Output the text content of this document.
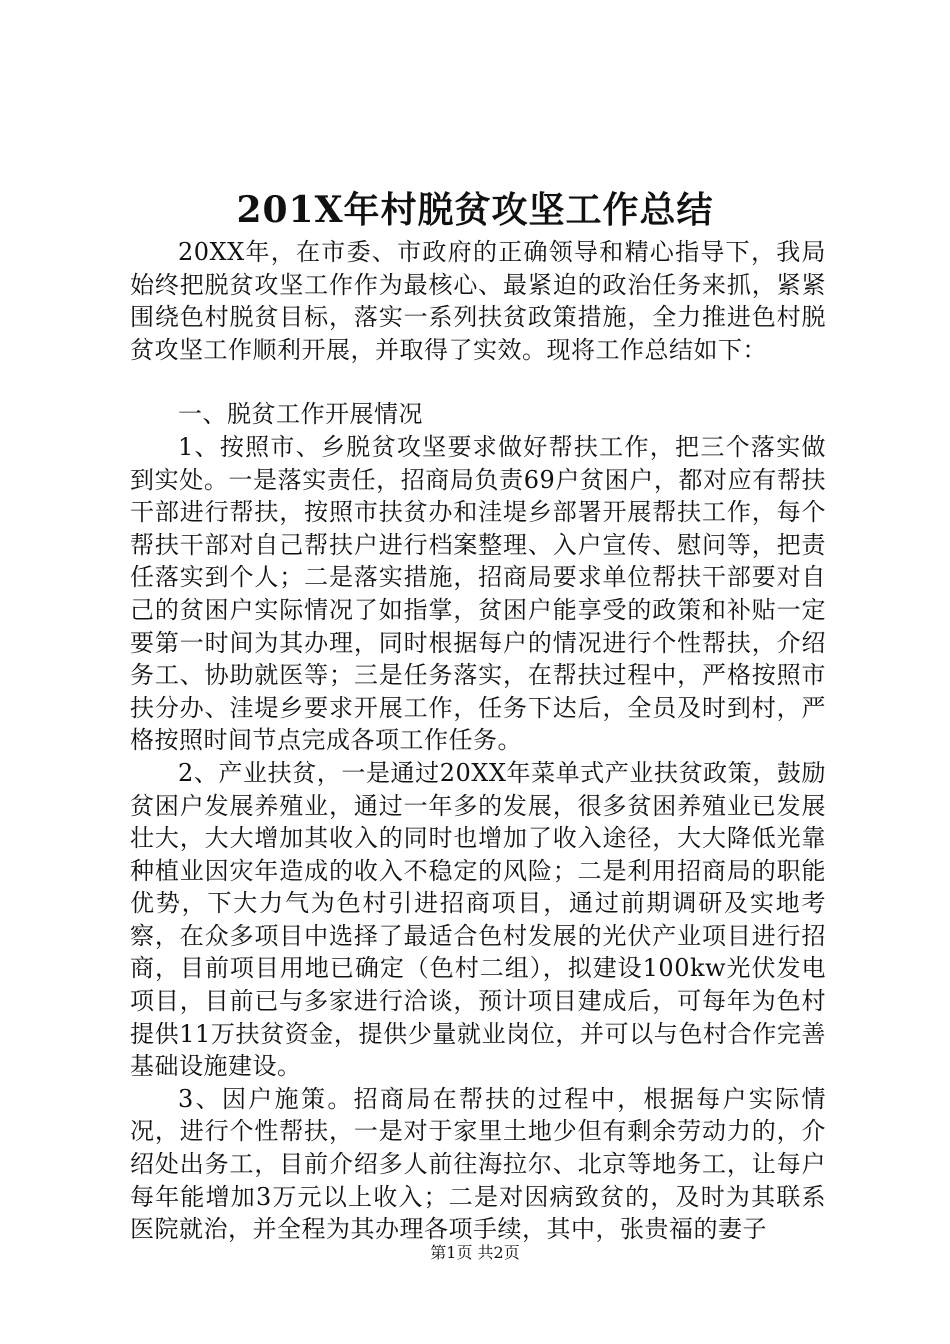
201X年村脱贫攻坚工作总结

20XX年，在市委、市政府的正确领导和精心指导下，我局始终把脱贫攻坚工作作为最核心、最紧迫的政治任务来抓，紧紧围绕色村脱贫目标，落实一系列扶贫政策措施，全力推进色村脱贫攻坚工作顺利开展，并取得了实效。现将工作总结如下：

一、脱贫工作开展情况

1、按照市、乡脱贫攻坚要求做好帮扶工作，把三个落实做到实处。一是落实责任，招商局负责69户贫困户，都对应有帮扶干部进行帮扶，按照市扶贫办和洼堤乡部署开展帮扶工作，每个帮扶干部对自己帮扶户进行档案整理、入户宣传、慰问等，把责任落实到个人；二是落实措施，招商局要求单位帮扶干部要对自己的贫困户实际情况了如指掌，贫困户能享受的政策和补贴一定要第一时间为其办理，同时根据每户的情况进行个性帮扶，介绍务工、协助就医等；三是任务落实，在帮扶过程中，严格按照市扶分办、洼堤乡要求开展工作，任务下达后，全员及时到村，严格按照时间节点完成各项工作任务。

2、产业扶贫，一是通过20XX年菜单式产业扶贫政策，鼓励贫困户发展养殖业，通过一年多的发展，很多贫困养殖业已发展壮大，大大增加其收入的同时也增加了收入途径，大大降低光靠种植业因灾年造成的收入不稳定的风险；二是利用招商局的职能优势，下大力气为色村引进招商项目，通过前期调研及实地考察，在众多项目中选择了最适合色村发展的光伏产业项目进行招商，目前项目用地已确定（色村二组），拟建设100kw光伏发电项目，目前已与多家进行洽谈，预计项目建成后，可每年为色村提供11万扶贫资金，提供少量就业岗位，并可以与色村合作完善基础设施建设。

3、因户施策。招商局在帮扶的过程中，根据每户实际情况，进行个性帮扶，一是对于家里土地少但有剩余劳动力的，介绍处出务工，目前介绍多人前往海拉尔、北京等地务工，让每户每年能增加3万元以上收入；二是对因病致贫的，及时为其联系医院就治，并全程为其办理各项手续，其中，张贵福的妻子

第1页 共2页
